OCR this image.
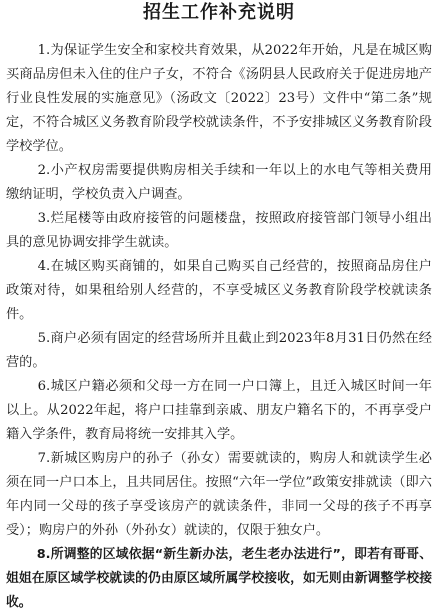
招生工作补充说明

1.为保证学生安全和家校共育效果，从2022年开始，凡是在城区购买商品房但未入住的住户子女，不符合《汤阴县人民政府关于促进房地产行业良性发展的实施意见》（汤政文〔2022〕23号）文件中“第二条”规定，不符合城区义务教育阶段学校就读条件，不予安排城区义务教育阶段学校学位。

2.小产权房需要提供购房相关手续和一年以上的水电气等相关费用缴纳证明，学校负责入户调查。

3.烂尾楼等由政府接管的问题楼盘，按照政府接管部门领导小组出具的意见协调安排学生就读。

4.在城区购买商铺的，如果自己购买自己经营的，按照商品房住户政策对待，如果租给别人经营的，不享受城区义务教育阶段学校就读条件。

5.商户必须有固定的经营场所并且截止到2023年8月31日仍然在经营的。

6.城区户籍必须和父母一方在同一户口簿上，且迁入城区时间一年以上。从2022年起，将户口挂靠到亲戚、朋友户籍名下的，不再享受户籍入学条件，教育局将统一安排其入学。

7.新城区购房户的孙子（孙女）需要就读的，购房人和就读学生必须在同一户口本上，且共同居住。按照“六年一学位”政策安排就读（即六年内同一父母的孩子享受该房产的就读条件，非同一父母的孩子不再享受）；购房户的外孙（外孙女）就读的，仅限于独女户。

8.所调整的区域依据“新生新办法，老生老办法进行”，即若有哥哥、姐姐在原区域学校就读的仍由原区域所属学校接收，如无则由新调整学校接收。
